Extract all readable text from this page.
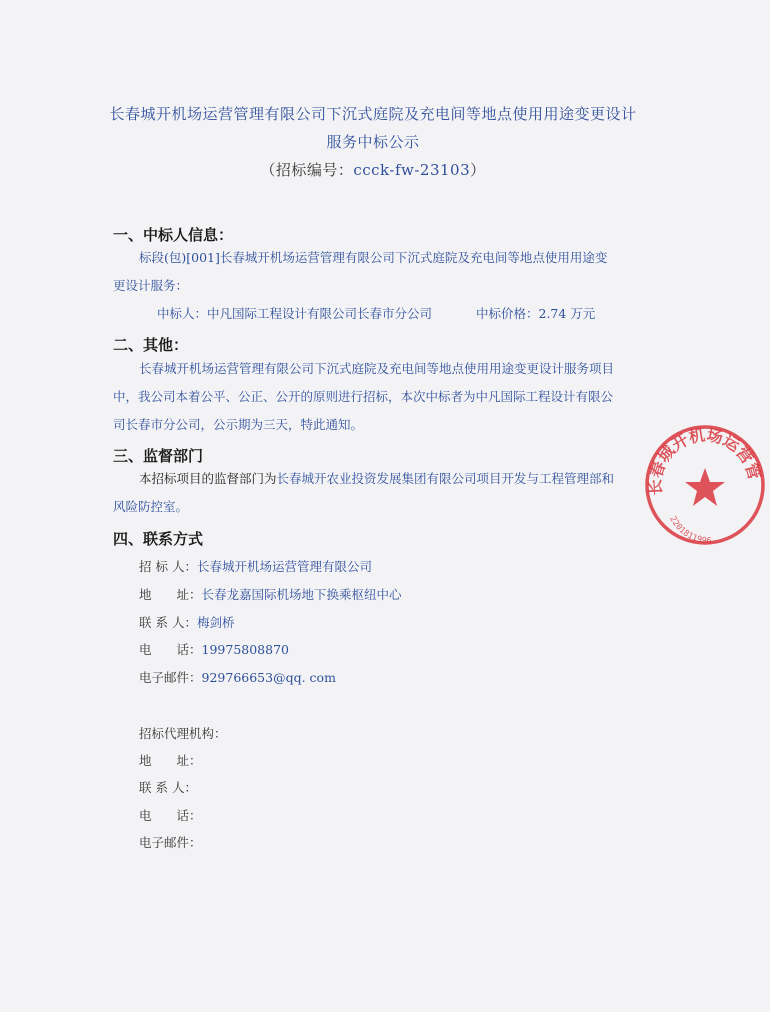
长春城开机场运营管理有限公司下沉式庭院及充电间等地点使用用途变更设计
服务中标公示
（招标编号：ccck-fw-23103）
一、中标人信息：
标段(包)[001]长春城开机场运营管理有限公司下沉式庭院及充电间等地点使用用途变
更设计服务：
中标人：中凡国际工程设计有限公司长春市分公司	中标价格：2.74 万元
二、其他：
长春城开机场运营管理有限公司下沉式庭院及充电间等地点使用用途变更设计服务项目
中，我公司本着公平、公正、公开的原则进行招标，本次中标者为中凡国际工程设计有限公
司长春市分公司，公示期为三天，特此通知。
三、监督部门
本招标项目的监督部门为长春城开农业投资发展集团有限公司项目开发与工程管理部和
风险防控室。
四、联系方式
招 标 人：长春城开机场运营管理有限公司
地　　址：长春龙嘉国际机场地下换乘枢纽中心
联 系 人：梅剑桥
电　　话：19975808870
电子邮件：929766653@qq. com
招标代理机构：
地　　址：
联 系 人：
电　　话：
电子邮件：
长春城开机场运营管
2201811996
